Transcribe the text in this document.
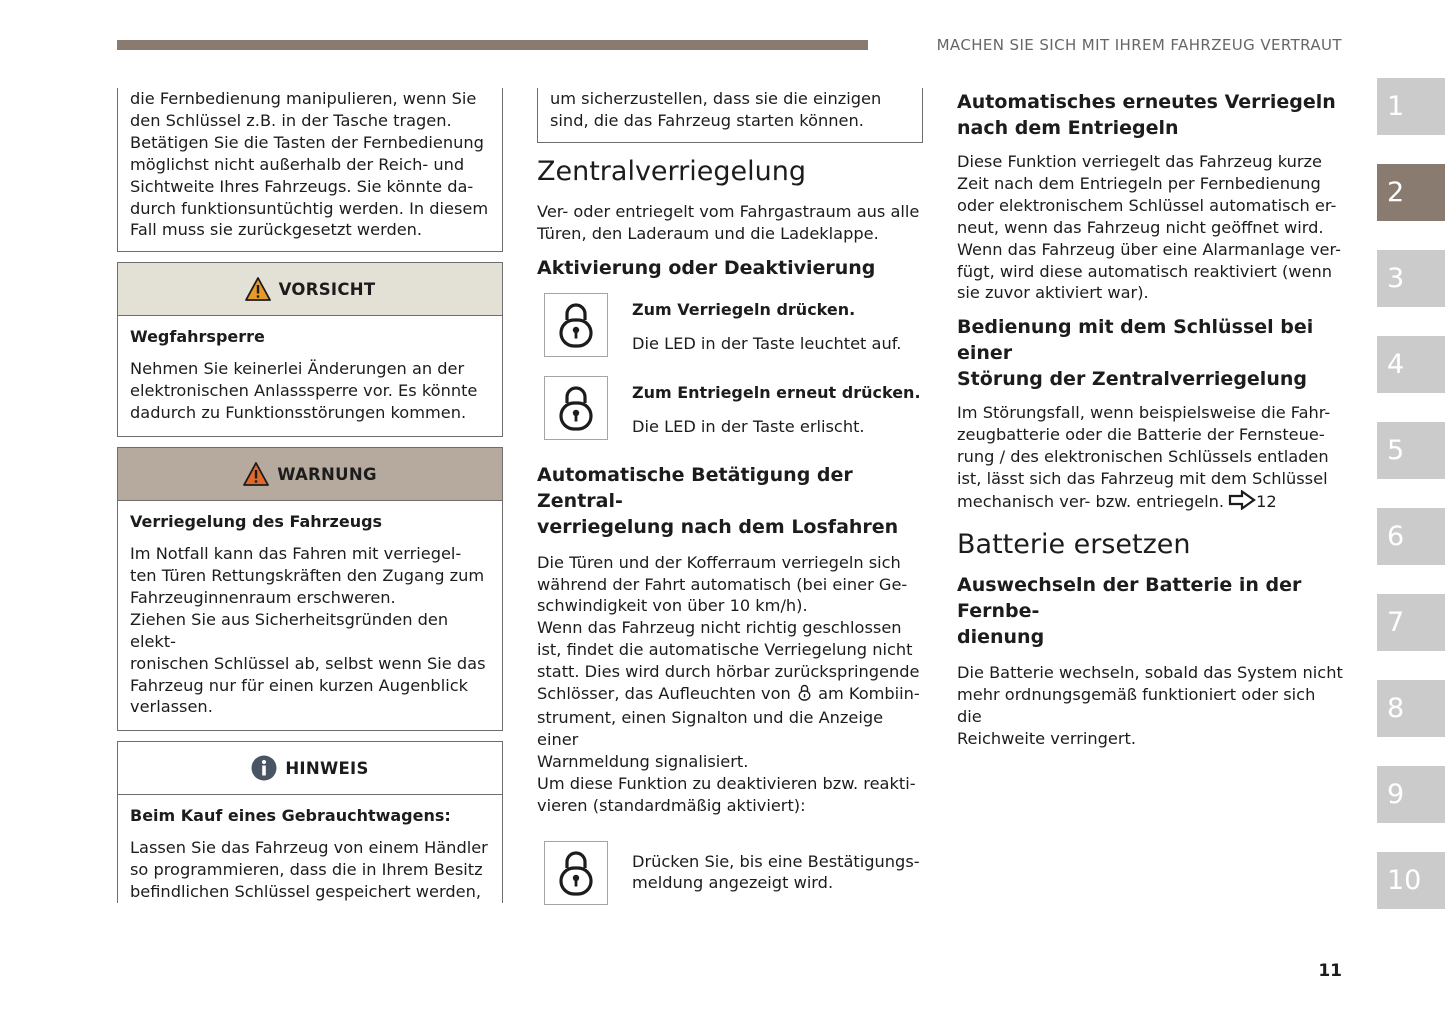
MACHEN SIE SICH MIT IHREM FAHRZEUG VERTRAUT

die Fernbedienung manipulieren, wenn Sie
den Schlüssel z.B. in der Tasche tragen.
Betätigen Sie die Tasten der Fernbedienung
möglichst nicht außerhalb der Reich- und
Sichtweite Ihres Fahrzeugs. Sie könnte da-
durch funktionsuntüchtig werden. In diesem
Fall muss sie zurückgesetzt werden.

VORSICHT

Wegfahrsperre

Nehmen Sie keinerlei Änderungen an der
elektronischen Anlasssperre vor. Es könnte
dadurch zu Funktionsstörungen kommen.

WARNUNG

Verriegelung des Fahrzeugs

Im Notfall kann das Fahren mit verriegel-
ten Türen Rettungskräften den Zugang zum
Fahrzeuginnenraum erschweren.
Ziehen Sie aus Sicherheitsgründen den elekt-
ronischen Schlüssel ab, selbst wenn Sie das
Fahrzeug nur für einen kurzen Augenblick
verlassen.

HINWEIS

Beim Kauf eines Gebrauchtwagens:

Lassen Sie das Fahrzeug von einem Händler
so programmieren, dass die in Ihrem Besitz
befindlichen Schlüssel gespeichert werden,

um sicherzustellen, dass sie die einzigen
sind, die das Fahrzeug starten können.

Zentralverriegelung

Ver- oder entriegelt vom Fahrgastraum aus alle
Türen, den Laderaum und die Ladeklappe.

Aktivierung oder Deaktivierung

Zum Verriegeln drücken.

Die LED in der Taste leuchtet auf.

Zum Entriegeln erneut drücken.

Die LED in der Taste erlischt.

Automatische Betätigung der Zentral-
verriegelung nach dem Losfahren

Die Türen und der Kofferraum verriegeln sich
während der Fahrt automatisch (bei einer Ge-
schwindigkeit von über 10 km/h).
Wenn das Fahrzeug nicht richtig geschlossen
ist, findet die automatische Verriegelung nicht
statt. Dies wird durch hörbar zurückspringende
Schlösser, das Aufleuchten von am Kombiin-
strument, einen Signalton und die Anzeige einer
Warnmeldung signalisiert.
Um diese Funktion zu deaktivieren bzw. reakti-
vieren (standardmäßig aktiviert):

Drücken Sie, bis eine Bestätigungs-
meldung angezeigt wird.

Automatisches erneutes Verriegeln
nach dem Entriegeln

Diese Funktion verriegelt das Fahrzeug kurze
Zeit nach dem Entriegeln per Fernbedienung
oder elektronischem Schlüssel automatisch er-
neut, wenn das Fahrzeug nicht geöffnet wird.
Wenn das Fahrzeug über eine Alarmanlage ver-
fügt, wird diese automatisch reaktiviert (wenn
sie zuvor aktiviert war).

Bedienung mit dem Schlüssel bei einer
Störung der Zentralverriegelung

Im Störungsfall, wenn beispielsweise die Fahr-
zeugbatterie oder die Batterie der Fernsteue-
rung / des elektronischen Schlüssels entladen
ist, lässt sich das Fahrzeug mit dem Schlüssel
mechanisch ver- bzw. entriegeln. 12

Batterie ersetzen
Auswechseln der Batterie in der Fernbe-
dienung

Die Batterie wechseln, sobald das System nicht
mehr ordnungsgemäß funktioniert oder sich die
Reichweite verringert.

1
2
3
4
5
6
7
8
9
10
11
